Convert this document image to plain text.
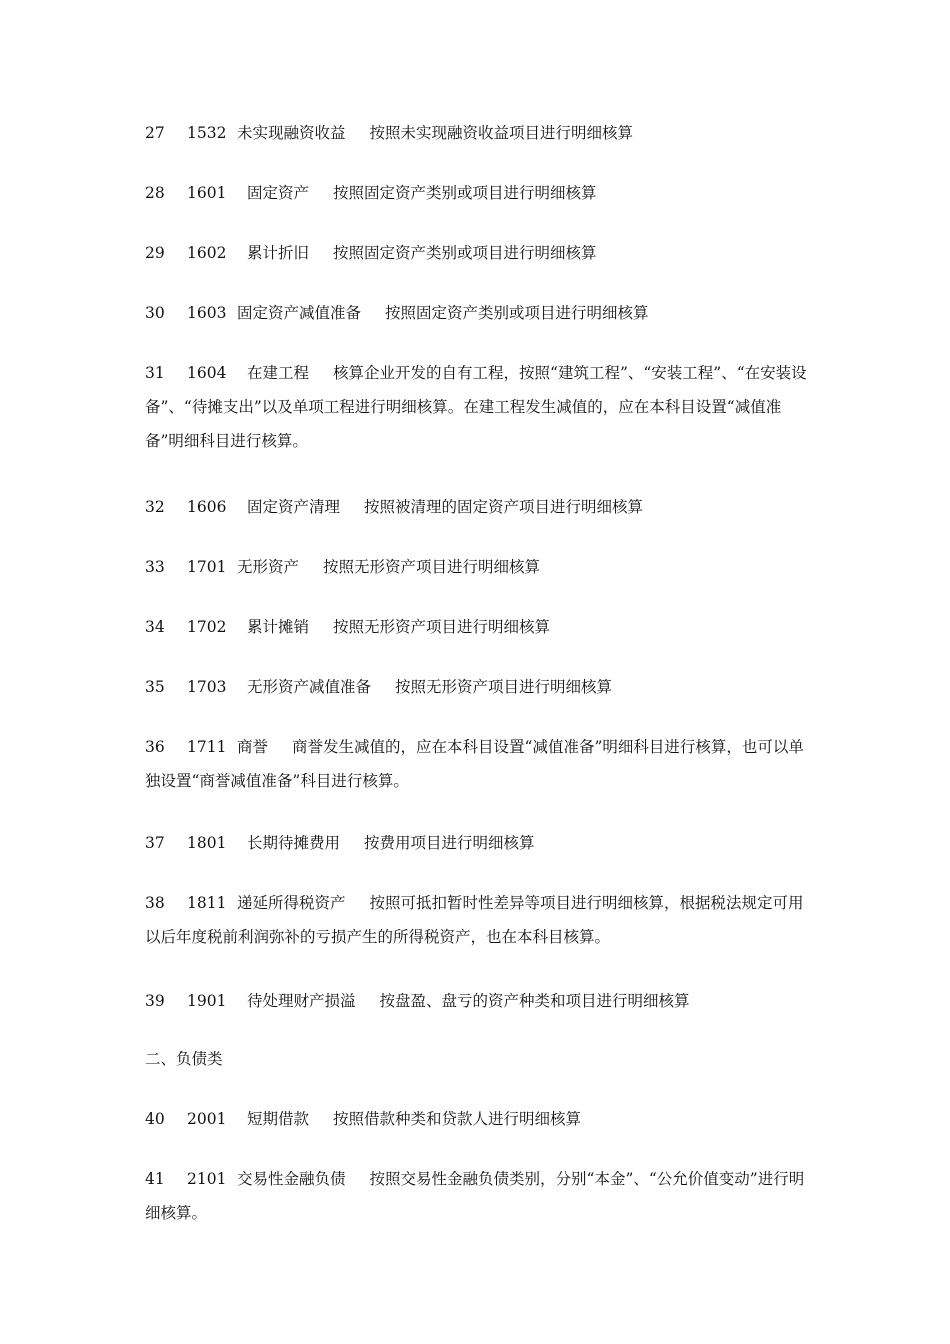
27 1532 未实现融资收益 按照未实现融资收益项目进行明细核算

28 1601 固定资产 按照固定资产类别或项目进行明细核算

29 1602 累计折旧 按照固定资产类别或项目进行明细核算

30 1603 固定资产减值准备 按照固定资产类别或项目进行明细核算

31 1604 在建工程 核算企业开发的自有工程，按照“建筑工程”、“安装工程”、“在安装设备”、“待摊支出”以及单项工程进行明细核算。在建工程发生减值的，应在本科目设置“减值准备”明细科目进行核算。

32 1606 固定资产清理 按照被清理的固定资产项目进行明细核算

33 1701 无形资产 按照无形资产项目进行明细核算

34 1702 累计摊销 按照无形资产项目进行明细核算

35 1703 无形资产减值准备 按照无形资产项目进行明细核算

36 1711 商誉 商誉发生减值的，应在本科目设置“减值准备”明细科目进行核算，也可以单独设置“商誉减值准备”科目进行核算。

37 1801 长期待摊费用 按费用项目进行明细核算

38 1811 递延所得税资产 按照可抵扣暂时性差异等项目进行明细核算，根据税法规定可用以后年度税前利润弥补的亏损产生的所得税资产，也在本科目核算。

39 1901 待处理财产损溢 按盘盈、盘亏的资产种类和项目进行明细核算

二、负债类

40 2001 短期借款 按照借款种类和贷款人进行明细核算

41 2101 交易性金融负债 按照交易性金融负债类别，分别“本金”、“公允价值变动”进行明细核算。
